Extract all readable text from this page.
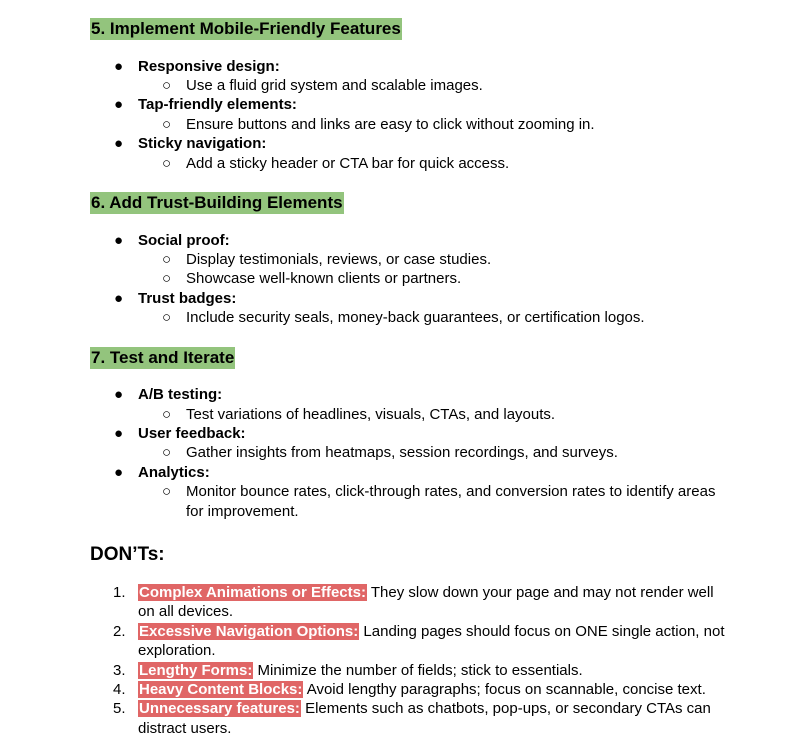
5. Implement Mobile-Friendly Features
● Responsive design:
○ Use a fluid grid system and scalable images.
● Tap-friendly elements:
○ Ensure buttons and links are easy to click without zooming in.
● Sticky navigation:
○ Add a sticky header or CTA bar for quick access.
6. Add Trust-Building Elements
● Social proof:
○ Display testimonials, reviews, or case studies.
○ Showcase well-known clients or partners.
● Trust badges:
○ Include security seals, money-back guarantees, or certification logos.
7. Test and Iterate
● A/B testing:
○ Test variations of headlines, visuals, CTAs, and layouts.
● User feedback:
○ Gather insights from heatmaps, session recordings, and surveys.
● Analytics:
○ Monitor bounce rates, click-through rates, and conversion rates to identify areas
for improvement.
DON’Ts:
1. Complex Animations or Effects: They slow down your page and may not render well
on all devices.
2. Excessive Navigation Options: Landing pages should focus on ONE single action, not
exploration.
3. Lengthy Forms: Minimize the number of fields; stick to essentials.
4. Heavy Content Blocks: Avoid lengthy paragraphs; focus on scannable, concise text.
5. Unnecessary features: Elements such as chatbots, pop-ups, or secondary CTAs can
distract users.
